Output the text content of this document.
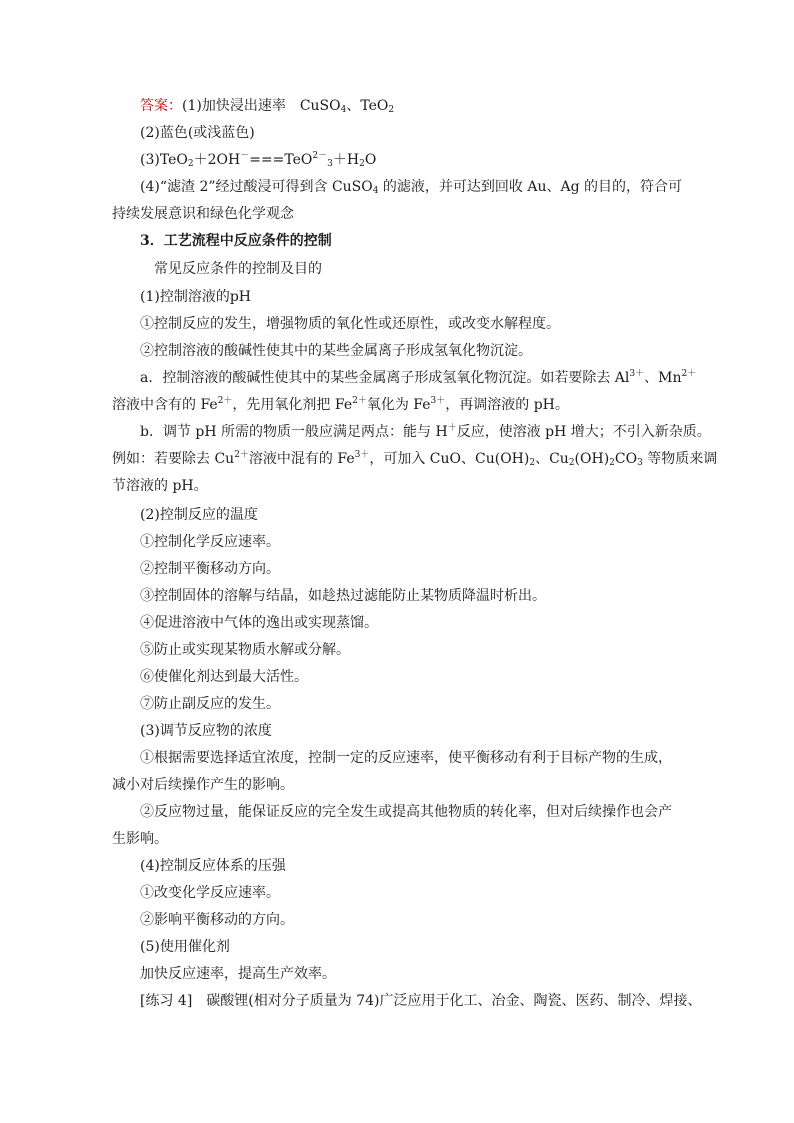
答案：(1)加快浸出速率　CuSO$_4$、TeO$_2$
(2)蓝色(或浅蓝色)
$(3)TeO_2+2OH^-===TeO^{2-}_3+H_2O$
(4)“滤渣 2”经过酸浸可得到含 CuSO$_4$ 的滤液，并可达到回收 Au、Ag 的目的，符合可
持续发展意识和绿色化学观念
3．工艺流程中反应条件的控制
常见反应条件的控制及目的
(1)控制溶液的pH
①控制反应的发生，增强物质的氧化性或还原性，或改变水解程度。
②控制溶液的酸碱性使其中的某些金属离子形成氢氧化物沉淀。
a．控制溶液的酸碱性使其中的某些金属离子形成氢氧化物沉淀。如若要除去 $Al^{3+}$、$Mn^{2+}$
溶液中含有的 $Fe^{2+}$，先用氧化剂把 $Fe^{2+}$氧化为 $Fe^{3+}$，再调溶液的 pH。
b．调节 pH 所需的物质一般应满足两点：能与 H＋反应，使溶液 pH 增大；不引入新杂质。
例如：若要除去 $Cu^{2+}$溶液中混有的 $Fe^{3+}$，可加入 CuO、$Cu(OH)_2$、$Cu_2(OH)_2CO_3$ 等物质来调
节溶液的 pH。
(2)控制反应的温度
①控制化学反应速率。
②控制平衡移动方向。
③控制固体的溶解与结晶，如趁热过滤能防止某物质降温时析出。
④促进溶液中气体的逸出或实现蒸馏。
⑤防止或实现某物质水解或分解。
⑥使催化剂达到最大活性。
⑦防止副反应的发生。
(3)调节反应物的浓度
①根据需要选择适宜浓度，控制一定的反应速率，使平衡移动有利于目标产物的生成，
减小对后续操作产生的影响。
②反应物过量，能保证反应的完全发生或提高其他物质的转化率，但对后续操作也会产
生影响。
(4)控制反应体系的压强
①改变化学反应速率。
②影响平衡移动的方向。
(5)使用催化剂
加快反应速率，提高生产效率。
[练习 4]　碳酸锂(相对分子质量为 74)广泛应用于化工、冶金、陶瓷、医药、制冷、焊接、
